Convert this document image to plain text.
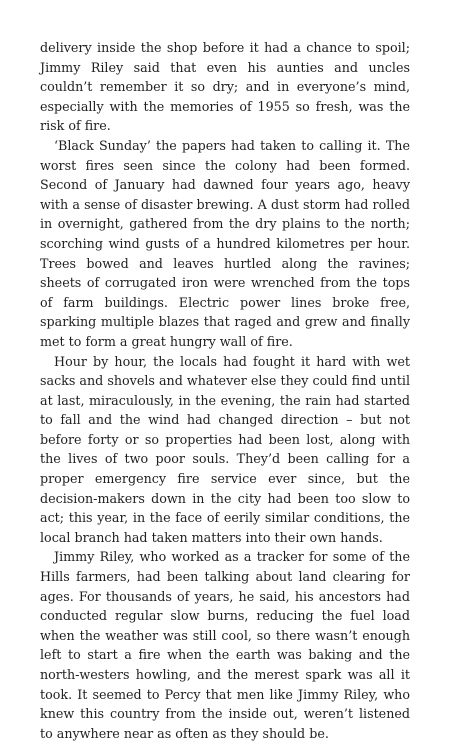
delivery inside the shop before it had a chance to spoil; Jimmy Riley said that even his aunties and uncles couldn’t remember it so dry; and in everyone’s mind, especially with the memories of 1955 so fresh, was the risk of fire.

‘Black Sunday’ the papers had taken to calling it. The worst fires seen since the colony had been formed. Second of January had dawned four years ago, heavy with a sense of disaster brewing. A dust storm had rolled in overnight, gathered from the dry plains to the north; scorching wind gusts of a hundred kilometres per hour. Trees bowed and leaves hurtled along the ravines; sheets of corrugated iron were wrenched from the tops of farm buildings. Electric power lines broke free, sparking multiple blazes that raged and grew and finally met to form a great hungry wall of fire.

Hour by hour, the locals had fought it hard with wet sacks and shovels and whatever else they could find until at last, miraculously, in the evening, the rain had started to fall and the wind had changed direction – but not before forty or so properties had been lost, along with the lives of two poor souls. They’d been calling for a proper emergency fire service ever since, but the decision-makers down in the city had been too slow to act; this year, in the face of eerily similar conditions, the local branch had taken matters into their own hands.

Jimmy Riley, who worked as a tracker for some of the Hills farmers, had been talking about land clearing for ages. For thousands of years, he said, his ancestors had conducted regular slow burns, reducing the fuel load when the weather was still cool, so there wasn’t enough left to start a fire when the earth was baking and the north-westers howling, and the merest spark was all it took. It seemed to Percy that men like Jimmy Riley, who knew this country from the inside out, weren’t listened to anywhere near as often as they should be.
